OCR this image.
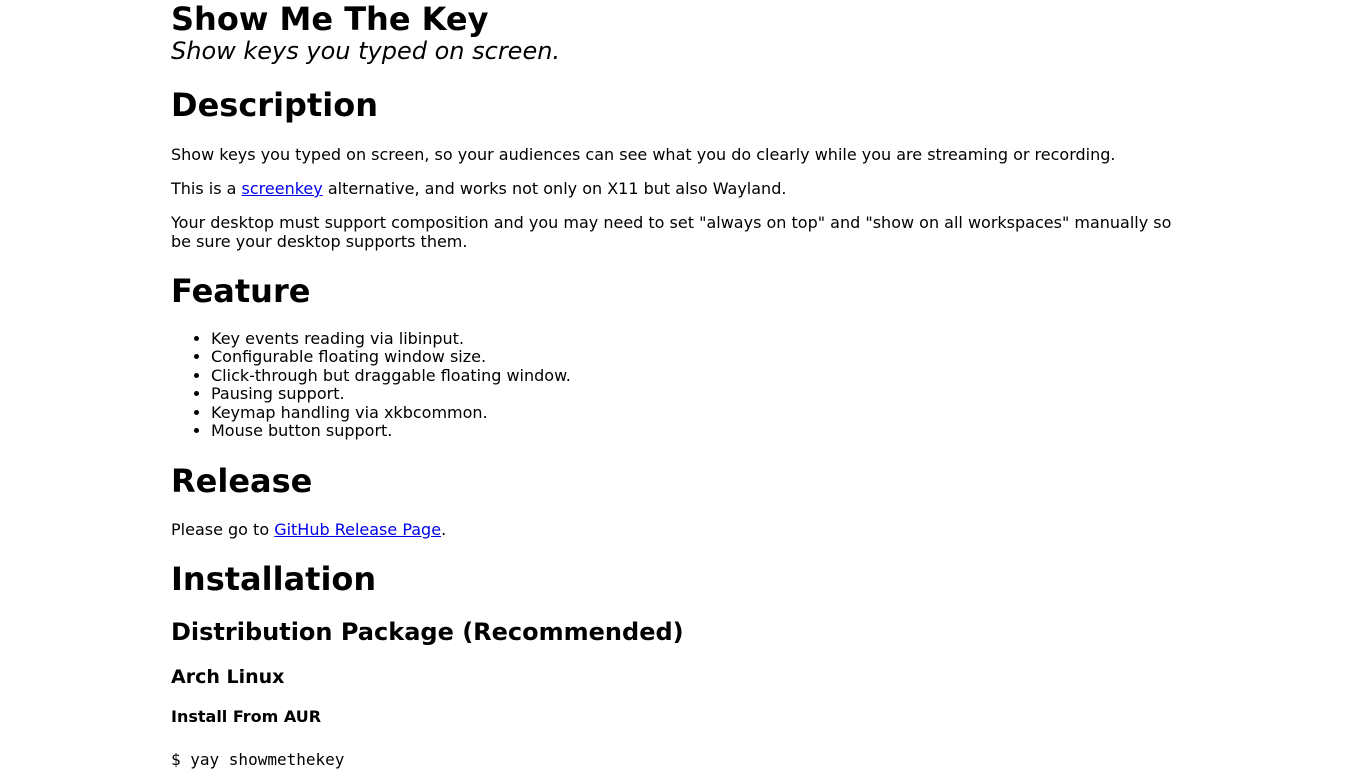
Show Me The Key
Show keys you typed on screen.
Description

Show keys you typed on screen, so your audiences can see what you do clearly while you are streaming or recording.

This is a screenkey alternative, and works not only on X11 but also Wayland.

Your desktop must support composition and you may need to set "always on top" and "show on all workspaces" manually so be sure your desktop supports them.

Feature
• Key events reading via libinput.
• Configurable floating window size.
• Click-through but draggable floating window.
• Pausing support.
• Keymap handling via xkbcommon.
• Mouse button support.
Release

Please go to GitHub Release Page.

Installation
Distribution Package (Recommended)
Arch Linux
Install From AUR
$ yay showmethekey
